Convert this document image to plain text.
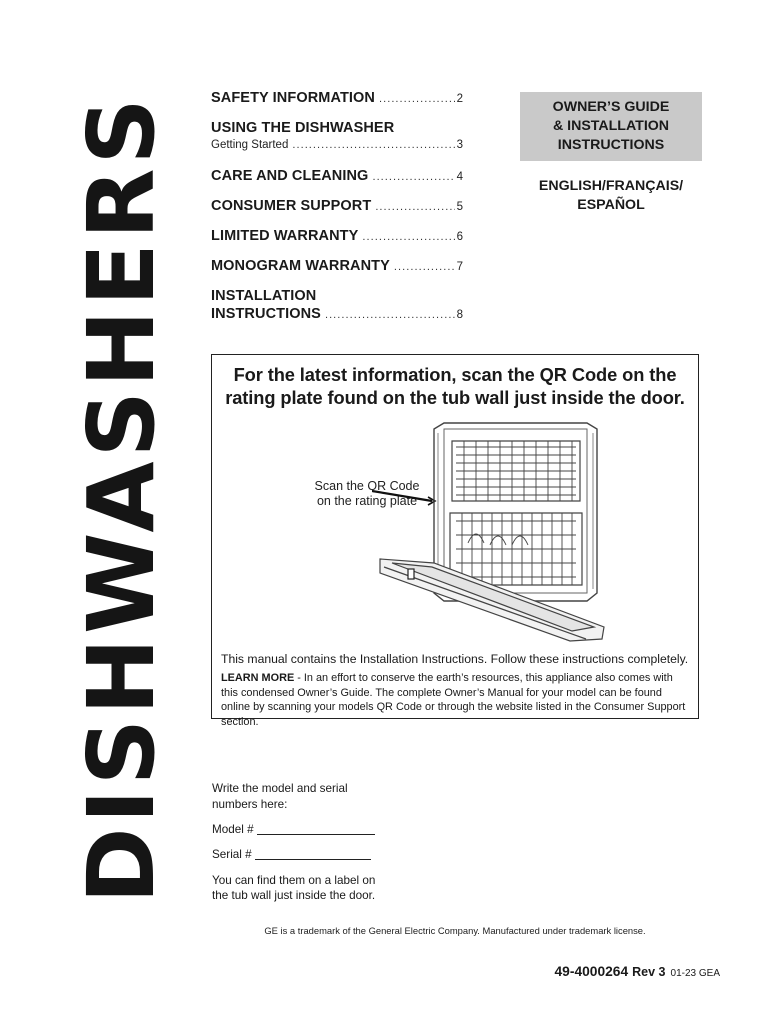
DISHWASHERS SAFETY INFORMATION . . .	2
USING THE DISHWASHER
Getting Started . . .	3
CARE AND CLEANING . . .	4
CONSUMER SUPPORT . . .	5
LIMITED WARRANTY . . .	6
MONOGRAM WARRANTY . . .	7
INSTALLATION
INSTRUCTIONS . . .	8
OWNER’S GUIDE
& INSTALLATION
INSTRUCTIONS
ENGLISH/FRANÇAIS/
ESPAÑOL
For the latest information, scan the QR Code on the
rating plate found on the tub wall just inside the door.
Scan the QR Code
on the rating plate
This manual contains the Installation Instructions. Follow these instructions completely.
LEARN MORE - In an effort to conserve the earth’s resources, this appliance also comes with this condensed Owner’s Guide. The complete Owner’s Manual for your model can be found online by scanning your models QR Code or through the website listed in the Consumer Support section.
Write the model and serial
numbers here:
Model #
Serial #
You can find them on a label on
the tub wall just inside the door.
GE is a trademark of the General Electric Company. Manufactured under trademark license.
49-4000264 Rev 3 01-23 GEA
